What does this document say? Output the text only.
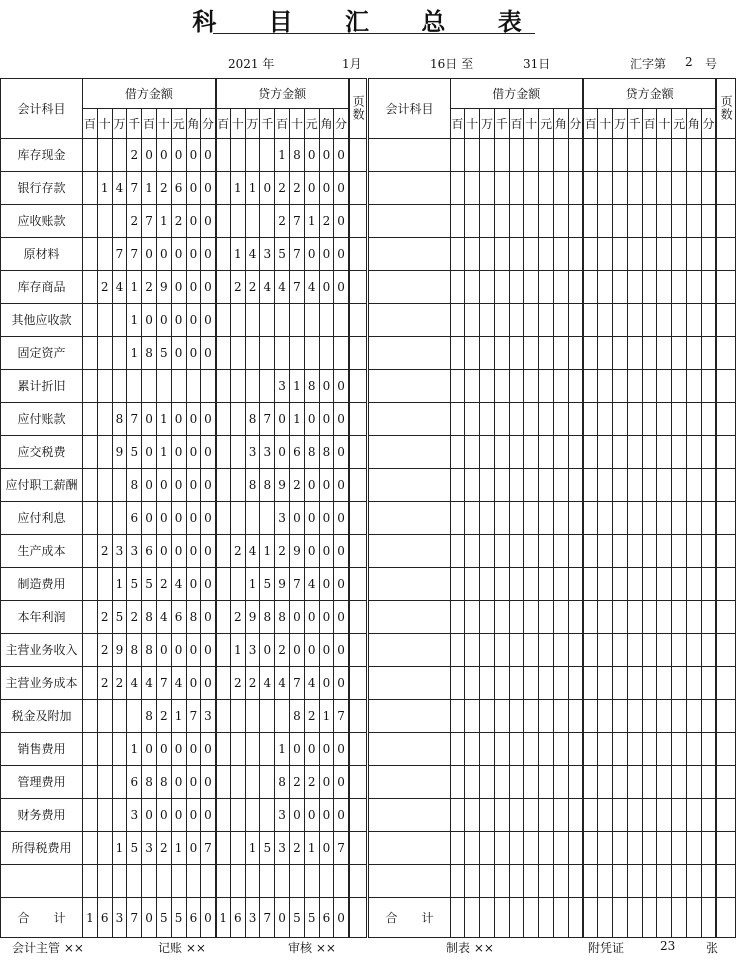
科 目 汇 总 表
2021 年	1月	16日 至	31日	汇字第 2 号
会计科目	借方金额									贷方金额									页数	会计科目	借方金额									贷方金额									页数
	百	十	万	千	百	十	元	角	分	百	十	万	千	百	十	元	角	分			百	十	万	千	百	十	元	角	分	百	十	万	千	百	十	元	角	分	
库存现金				2	0	0	0	0	0					1	8	0	0	0																					
银行存款		1	4	7	1	2	6	0	0		1	1	0	2	2	0	0	0																					
应收账款				2	7	1	2	0	0					2	7	1	2	0																					
原材料			7	7	0	0	0	0	0		1	4	3	5	7	0	0	0																					
库存商品		2	4	1	2	9	0	0	0		2	2	4	4	7	4	0	0																					
其他应收款				1	0	0	0	0	0																														
固定资产				1	8	5	0	0	0																														
累计折旧														3	1	8	0	0																					
应付账款			8	7	0	1	0	0	0			8	7	0	1	0	0	0																					
应交税费			9	5	0	1	0	0	0			3	3	0	6	8	8	0																					
应付职工薪酬				8	0	0	0	0	0			8	8	9	2	0	0	0																					
应付利息				6	0	0	0	0	0					3	0	0	0	0																					
生产成本		2	3	3	6	0	0	0	0		2	4	1	2	9	0	0	0																					
制造费用			1	5	5	2	4	0	0			1	5	9	7	4	0	0																					
本年利润		2	5	2	8	4	6	8	0		2	9	8	8	0	0	0	0																					
主营业务收入		2	9	8	8	0	0	0	0		1	3	0	2	0	0	0	0																					
主营业务成本		2	2	4	4	7	4	0	0		2	2	4	4	7	4	0	0																					
税金及附加					8	2	1	7	3						8	2	1	7																					
销售费用				1	0	0	0	0	0					1	0	0	0	0																					
管理费用				6	8	8	0	0	0					8	2	2	0	0																					
财务费用				3	0	0	0	0	0					3	0	0	0	0																					
所得税费用			1	5	3	2	1	0	7			1	5	3	2	1	0	7																					

合　　计	1	6	3	7	0	5	5	6	0	1	6	3	7	0	5	5	6	0		合　　计																			
会计主管 ××	记账 ××	审核 ××	制表 ××	附凭证	23	张
